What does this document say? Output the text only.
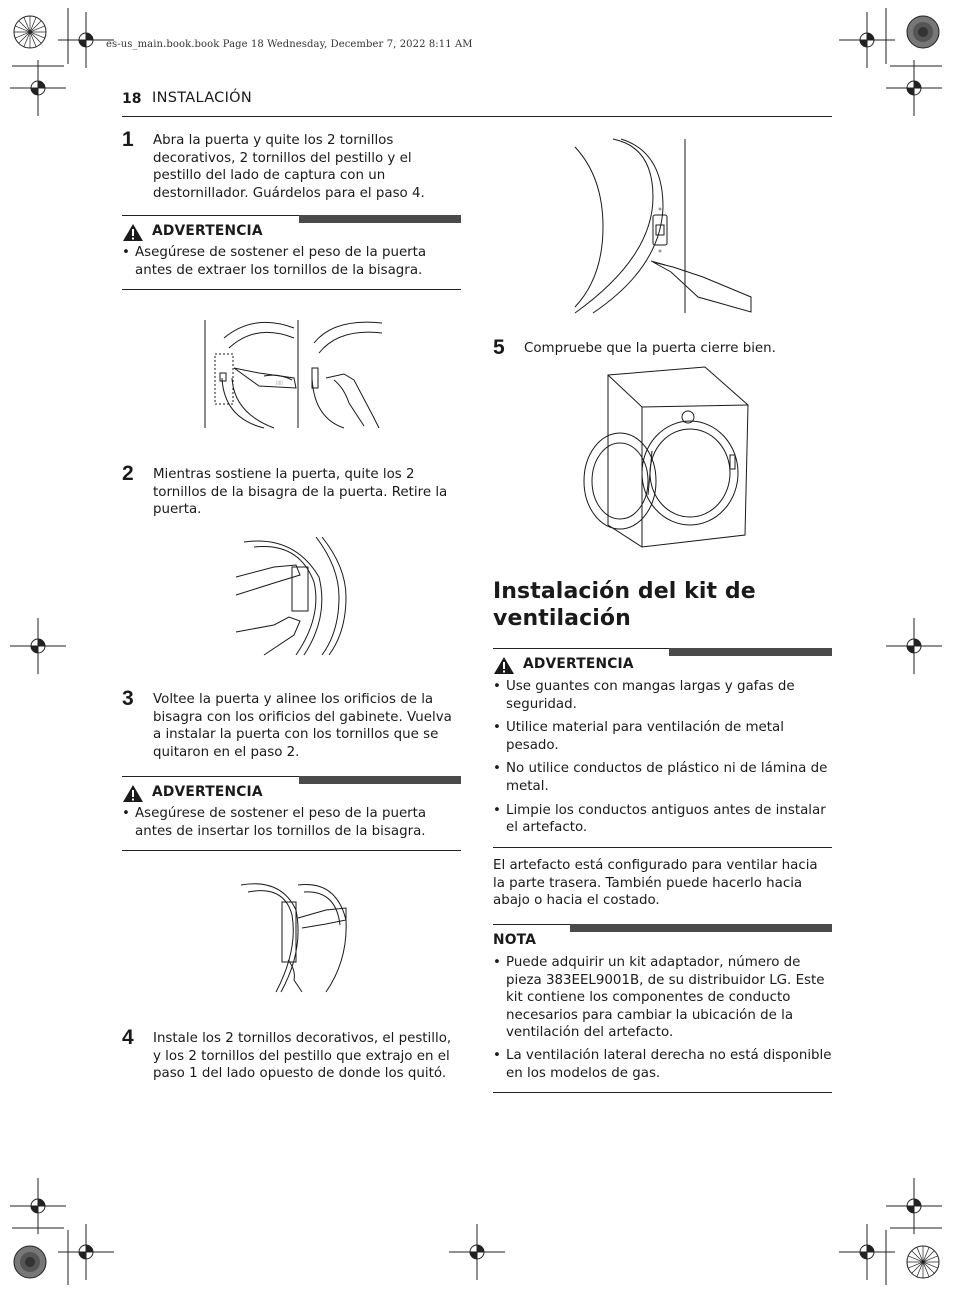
es-us_main.book.book Page 18 Wednesday, December 7, 2022 8:11 AM
18 INSTALACIÓN
1 Abra la puerta y quite los 2 tornillos decorativos, 2 tornillos del pestillo y el pestillo del lado de captura con un destornillador. Guárdelos para el paso 4.
ADVERTENCIA
• Asegúrese de sostener el peso de la puerta antes de extraer los tornillos de la bisagra.
|||||
2 Mientras sostiene la puerta, quite los 2 tornillos de la bisagra de la puerta. Retire la puerta.
3 Voltee la puerta y alinee los orificios de la bisagra con los orificios del gabinete. Vuelva a instalar la puerta con los tornillos que se quitaron en el paso 2.
ADVERTENCIA
• Asegúrese de sostener el peso de la puerta antes de insertar los tornillos de la bisagra.
4 Instale los 2 tornillos decorativos, el pestillo, y los 2 tornillos del pestillo que extrajo en el paso 1 del lado opuesto de donde los quitó.
5 Compruebe que la puerta cierre bien.
Instalación del kit de ventilación
ADVERTENCIA
• Use guantes con mangas largas y gafas de seguridad.
• Utilice material para ventilación de metal pesado.
• No utilice conductos de plástico ni de lámina de metal.
• Limpie los conductos antiguos antes de instalar el artefacto.
El artefacto está configurado para ventilar hacia la parte trasera. También puede hacerlo hacia abajo o hacia el costado.
NOTA
• Puede adquirir un kit adaptador, número de pieza 383EEL9001B, de su distribuidor LG. Este kit contiene los componentes de conducto necesarios para cambiar la ubicación de la ventilación del artefacto.
• La ventilación lateral derecha no está disponible en los modelos de gas.
